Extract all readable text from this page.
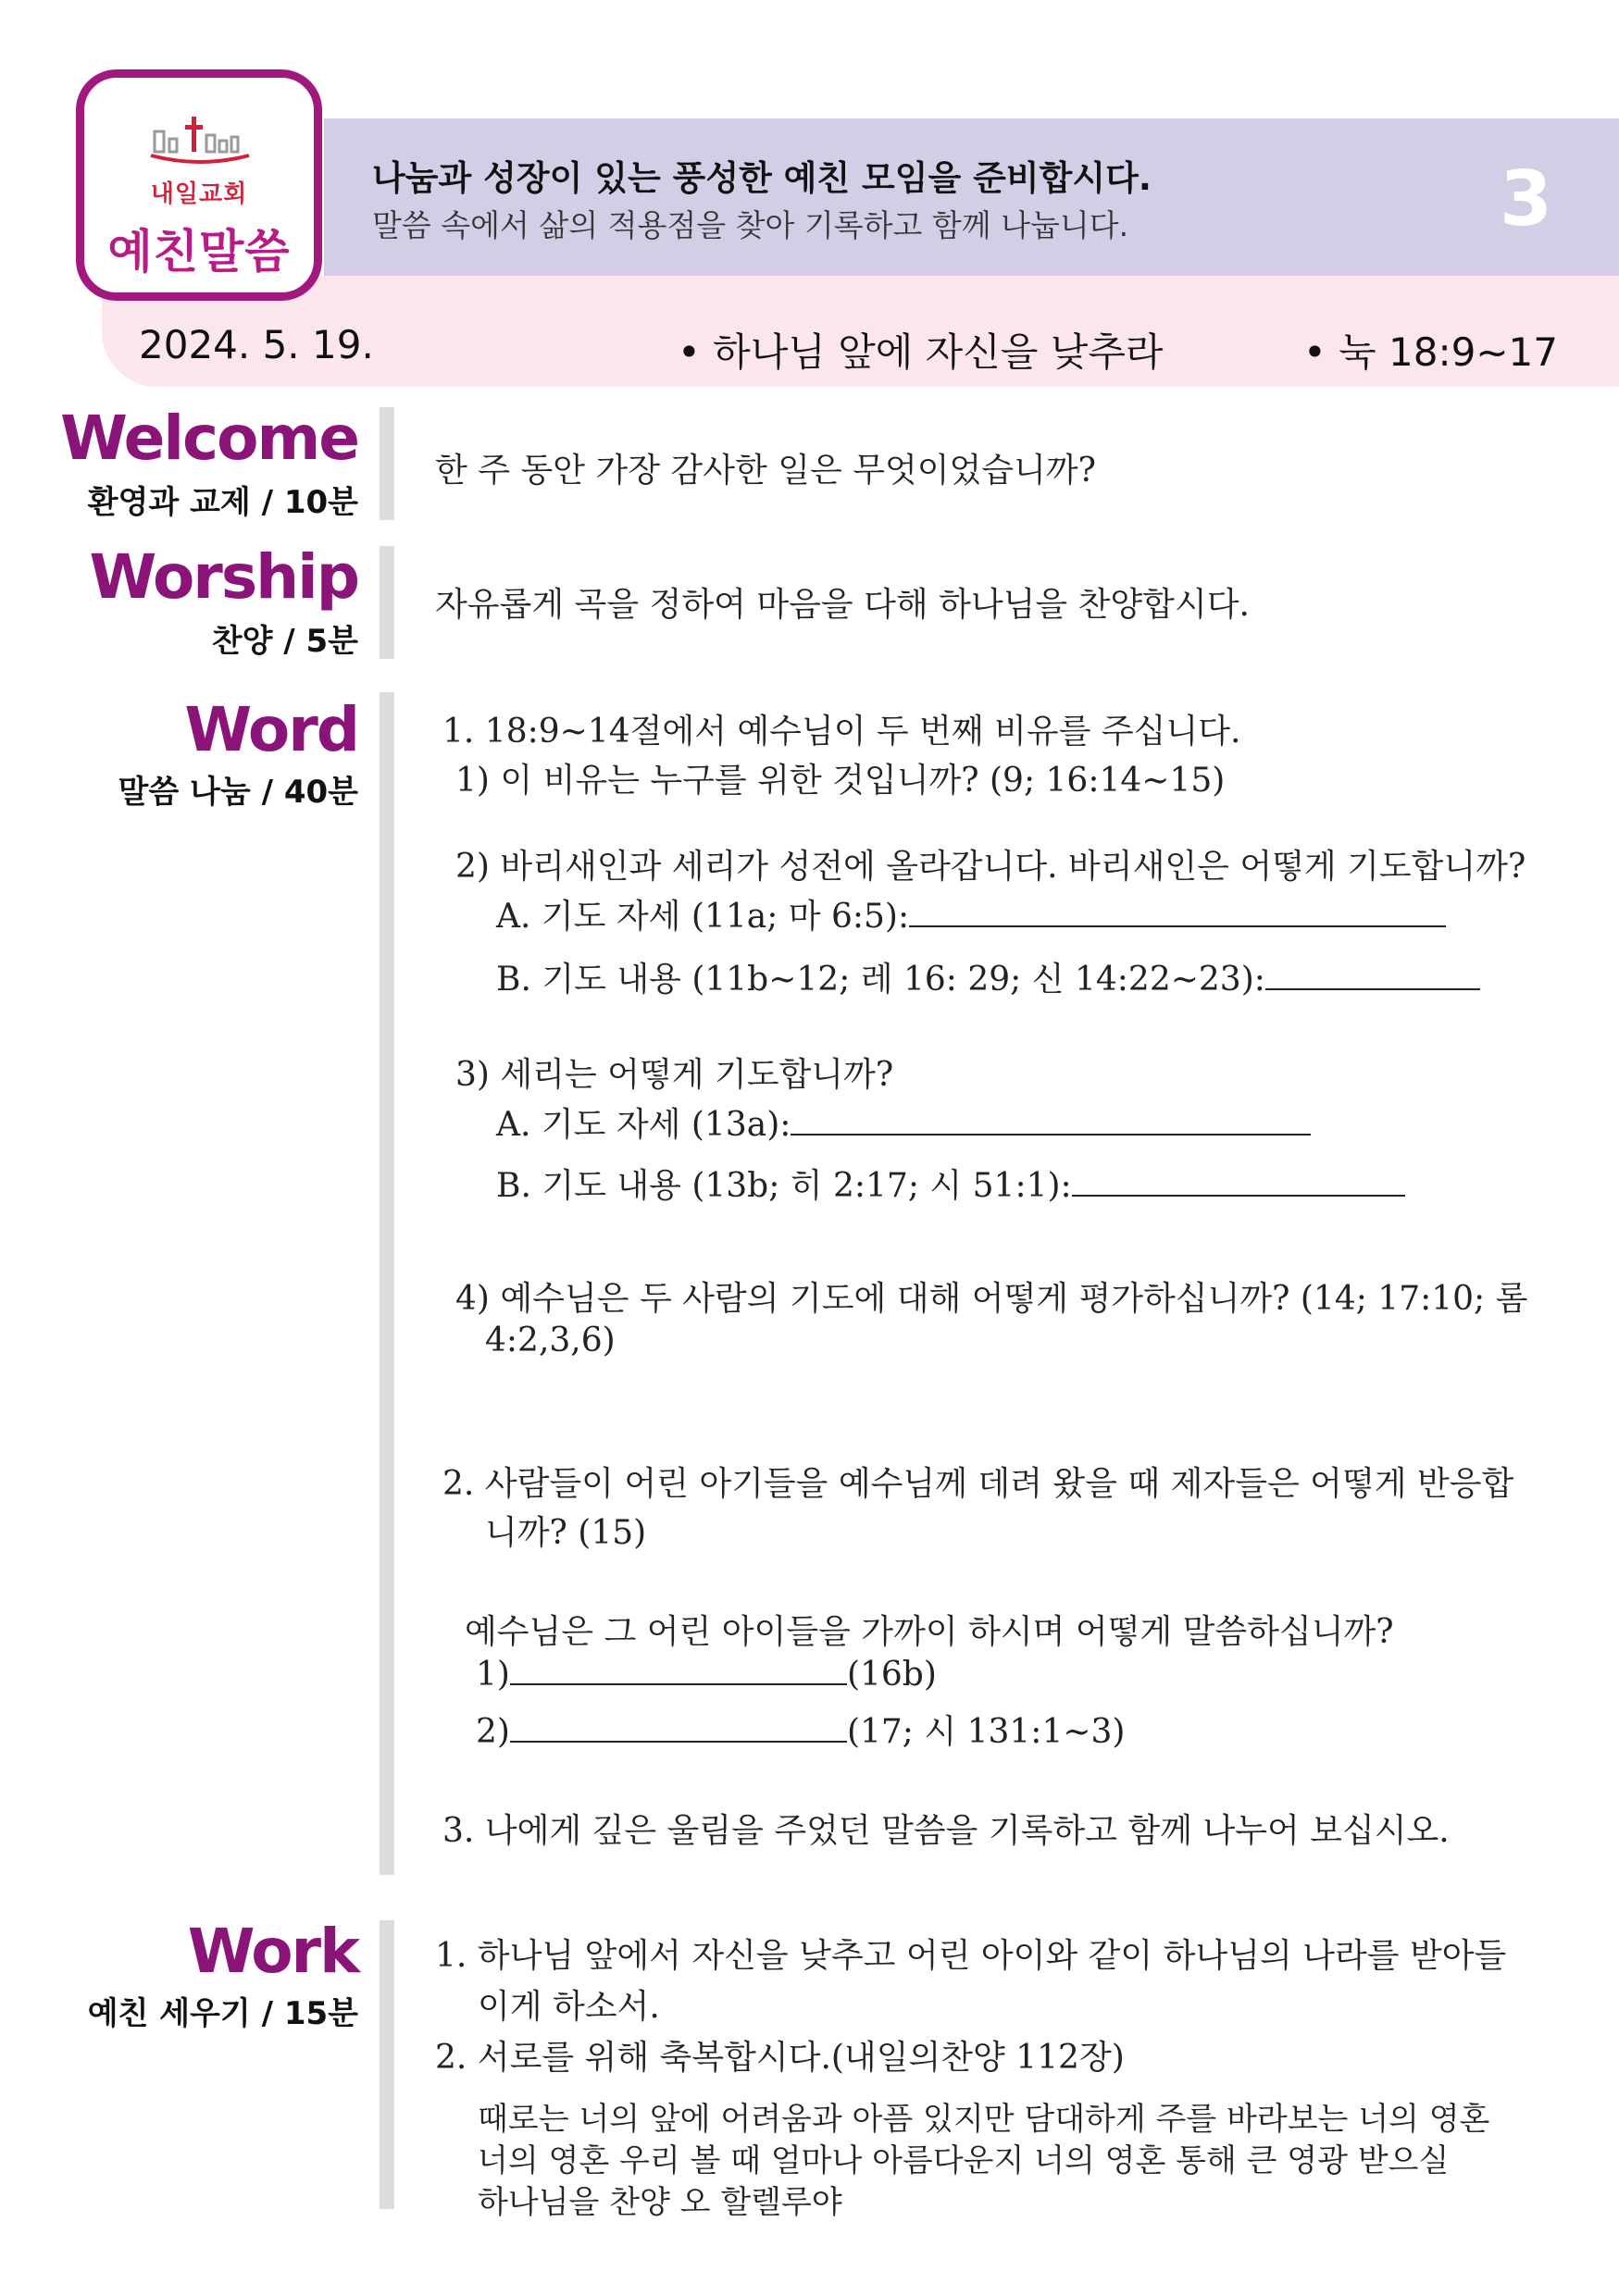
내일교회
예친말씀
나눔과 성장이 있는 풍성한 예친 모임을 준비합시다.
말씀 속에서 삶의 적용점을 찾아 기록하고 함께 나눕니다.	3
2024. 5. 19.	• 하나님 앞에 자신을 낮추라	• 눅 18:9~17
Welcome
환영과 교제 / 10분
한 주 동안 가장 감사한 일은 무엇이었습니까?
Worship
찬양 / 5분
자유롭게 곡을 정하여 마음을 다해 하나님을 찬양합시다.
Word
말씀 나눔 / 40분
1. 18:9~14절에서 예수님이 두 번째 비유를 주십니다.
1) 이 비유는 누구를 위한 것입니까? (9; 16:14~15)
2) 바리새인과 세리가 성전에 올라갑니다. 바리새인은 어떻게 기도합니까?
A. 기도 자세 (11a; 마 6:5):
B. 기도 내용 (11b~12; 레 16: 29; 신 14:22~23):
3) 세리는 어떻게 기도합니까?
A. 기도 자세 (13a):
B. 기도 내용 (13b; 히 2:17; 시 51:1):
4) 예수님은 두 사람의 기도에 대해 어떻게 평가하십니까? (14; 17:10; 롬
4:2,3,6)
2. 사람들이 어린 아기들을 예수님께 데려 왔을 때 제자들은 어떻게 반응합
니까? (15)
예수님은 그 어린 아이들을 가까이 하시며 어떻게 말씀하십니까?
1)	(16b)
2)	(17; 시 131:1~3)
3. 나에게 깊은 울림을 주었던 말씀을 기록하고 함께 나누어 보십시오.
Work
예친 세우기 / 15분
1. 하나님 앞에서 자신을 낮추고 어린 아이와 같이 하나님의 나라를 받아들
이게 하소서.
2. 서로를 위해 축복합시다.(내일의찬양 112장)
때로는 너의 앞에 어려움과 아픔 있지만 담대하게 주를 바라보는 너의 영혼
너의 영혼 우리 볼 때 얼마나 아름다운지 너의 영혼 통해 큰 영광 받으실
하나님을 찬양 오 할렐루야
